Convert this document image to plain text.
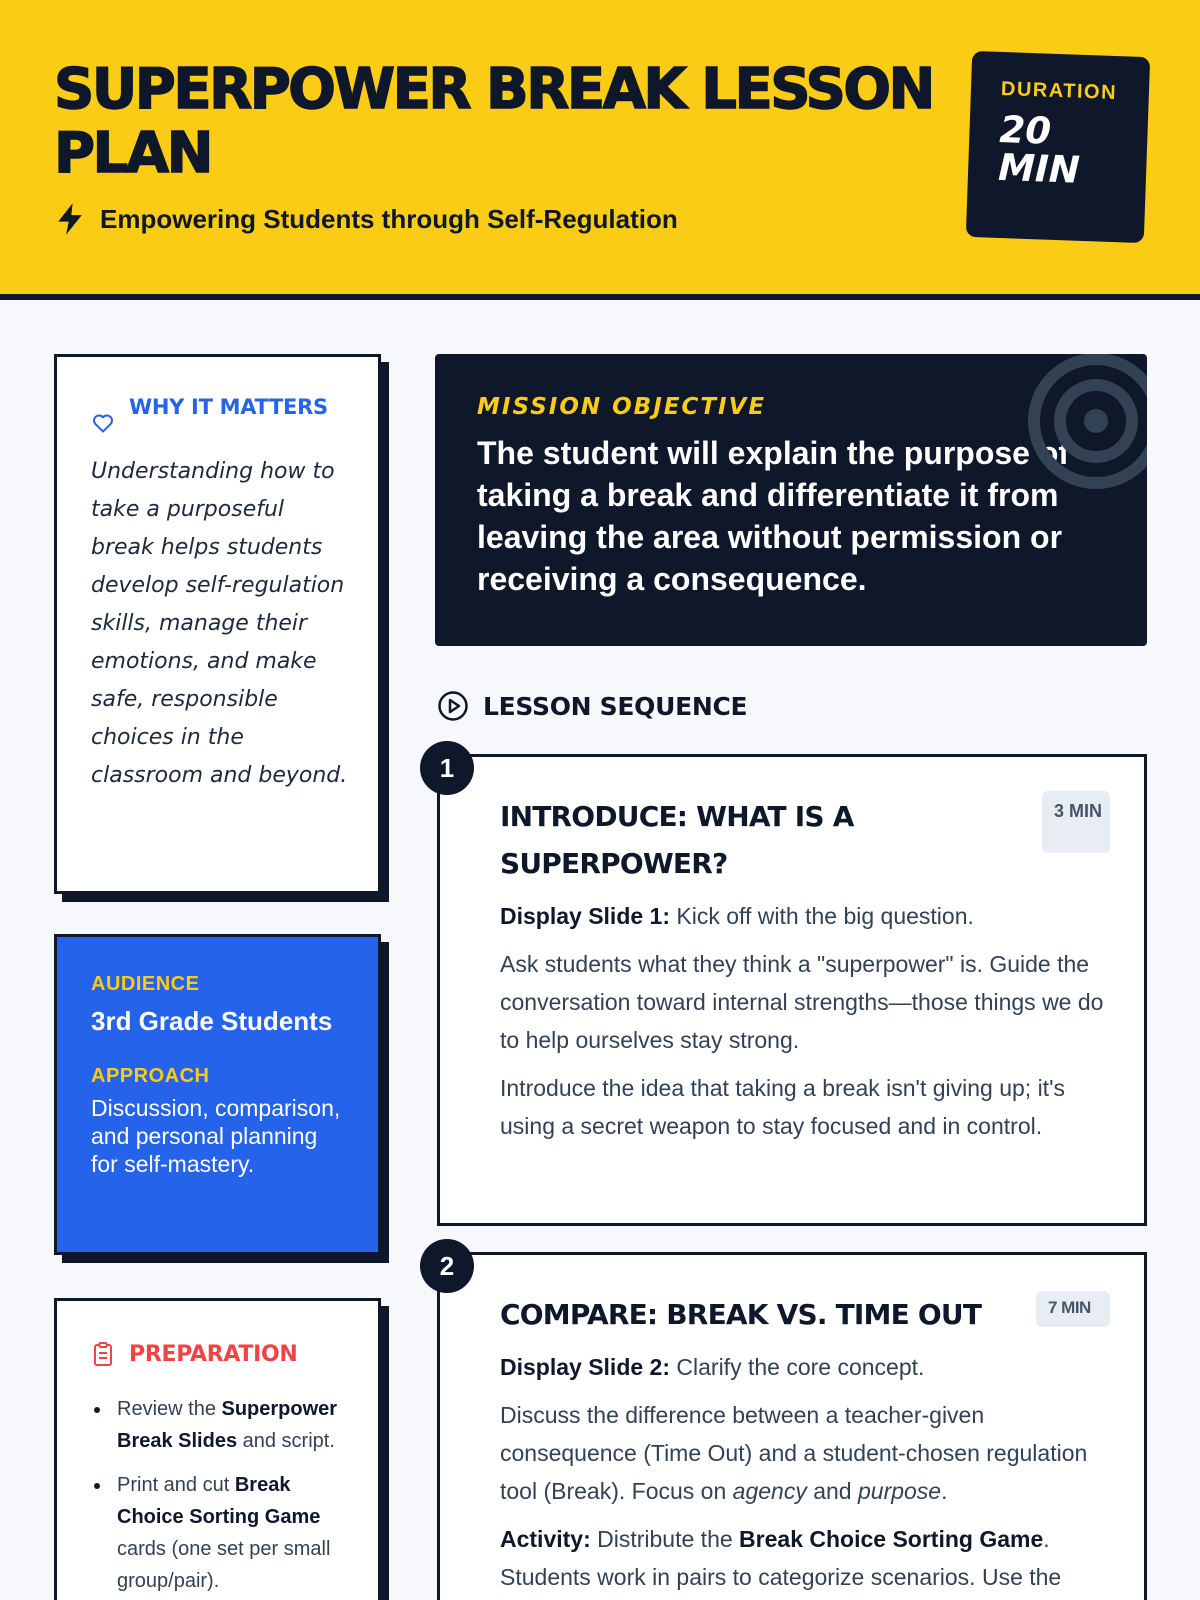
SUPERPOWER BREAK LESSON PLAN
Empowering Students through Self-Regulation
DURATION
20 MIN
WHY IT MATTERS
Understanding how to take a purposeful break helps students develop self-regulation skills, manage their emotions, and make safe, responsible choices in the classroom and beyond.
AUDIENCE
3rd Grade Students
APPROACH
Discussion, comparison, and personal planning for self-mastery.
PREPARATION
Review the Superpower Break Slides and script.
Print and cut Break Choice Sorting Game cards (one set per small group/pair).
MISSION OBJECTIVE
The student will explain the purpose of taking a break and differentiate it from leaving the area without permission or receiving a consequence.
LESSON SEQUENCE
1
3 MIN
INTRODUCE: WHAT IS A SUPERPOWER?

Display Slide 1: Kick off with the big question.

Ask students what they think a "superpower" is. Guide the conversation toward internal strengths—those things we do to help ourselves stay strong.

Introduce the idea that taking a break isn't giving up; it's using a secret weapon to stay focused and in control.

2
7 MIN
COMPARE: BREAK VS. TIME OUT

Display Slide 2: Clarify the core concept.

Discuss the difference between a teacher-given consequence (Time Out) and a student-chosen regulation tool (Break). Focus on agency and purpose.

Activity: Distribute the Break Choice Sorting Game. Students work in pairs to categorize scenarios. Use the
